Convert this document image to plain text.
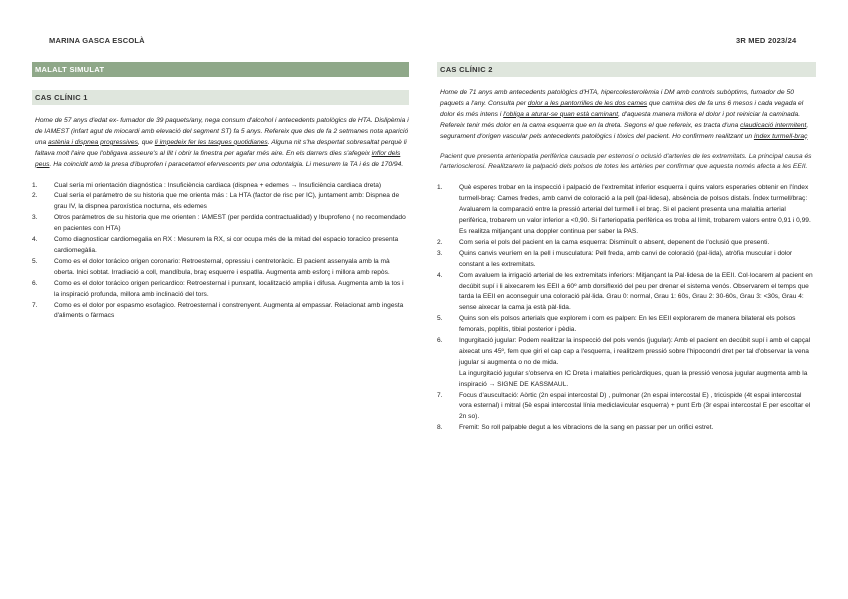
MARINA GASCA ESCOLÀ	3R MED 2023/24
MALALT SIMULAT
CAS CLÍNIC 1

Home de 57 anys d'edat ex- fumador de 39 paquets/any, nega consum d'alcohol i antecedents patològics de HTA. Dislipèmia i de IAMEST (infart agut de miocardi amb elevació del segment ST) fa 5 anys. Refereix que des de fa 2 setmanes nota aparició una astènia i dispnea progressives, que li impedeix fer les tasques quotidianes. Alguna nit s'ha despertat sobresaltat perquè li faltava molt l'aire que l'obligava asseure's al llit i obrir la finestra per agafar més aire. En els darrers dies s'afegeix inflor dels peus. Ha coincidit amb la presa d'ibuprofen i paracetamol efervescents per una odontalgia. Li mesurem la TA i és de 170/94.

1.	Cual sería mi orientación diagnóstica : Insuficiència cardiaca (dispnea + edemes → Insuficiència cardiaca dreta)
2.	Cual sería el parámetro de su historia que me orienta más : La HTA (factor de risc per IC), juntament amb: Dispnea de grau IV, la dispnea paroxística nocturna, els edemes
3.	Otros parámetros de su historia que me orienten : IAMEST (per perdida contractualidad) y Ibuprofeno ( no recomendado en pacientes con HTA)
4.	Como diagnosticar cardiomegalia en RX : Mesurem la RX, si cor ocupa més de la mitad del espacio toracico presenta cardiomegàlia.
5.	Como es el dolor torácico origen coronario: Retroesternal, opressiu i centretoràcic. El pacient assenyala amb la mà oberta. Inici sobtat. Irradiació a coll, mandíbula, braç esquerre i espatlla. Augmenta amb esforç i millora amb repòs.
6.	Como es el dolor torácico origen pericardico: Retroesternal i punxant, localització amplia i difusa. Augmenta amb la tos i la inspiració profunda, millora amb inclinació del tors.
7.	Como es el dolor por espasmo esofagico. Retroesternal i constrenyent. Augmenta al empassar. Relacionat amb ingesta d'aliments o fàrmacs
CAS CLÍNIC 2

Home de 71 anys amb antecedents patològics d'HTA, hipercolesterolèmia i DM amb controls subòptims, fumador de 50 paquets a l'any. Consulta per dolor a les pantorrilles de les dos cames que camina des de fa uns 6 mesos i cada vegada el dolor és més intens i l'obliga a aturar-se quan està caminant, d'aquesta manera millora el dolor i pot reiniciar la caminada. Refereix tenir més dolor en la cama esquerra que en la dreta. Segons el que refereix, es tracta d'una claudicació intermitent, segurament d'origen vascular pels antecedents patològics i tòxics del pacient. Ho confirmem realitzant un índex turmell-braç

Pacient que presenta arteriopatia perifèrica causada per estenosi o oclusió d'arteries de les extremitats. La principal causa és l'arteriosclerosi. Realitzarem la palpació dels polsos de totes les artèries per confirmar que aquesta només afecta a les EEII.

1.	Què esperes trobar en la inspecció i palpació de l'extremitat inferior esquerra i quins valors esperaries obtenir en l'índex turmell-braç: Cames fredes, amb canvi de coloració a la pell (pal·lidesa), absència de polsos distals. Índex turmell/braç: Avaluarem la comparació entre la pressió arterial del turmell i el braç. Si el pacient presenta una malaltia arterial perifèrica, trobarem un valor inferior a <0,90. Si l'arteriopatia perifèrica es troba al límit, trobarem valors entre 0,91 i 0,99. Es realitza mitjançant una doppler continua per saber la PAS.
2.	Com seria el pols del pacient en la cama esquerra: Disminuït o absent, depenent de l'oclusió que presenti.
3.	Quins canvis veuríem en la pell i musculatura: Pell freda, amb canvi de coloració (pal·lida), atròfia muscular i dolor constant a les extremitats.
4.	Com avaluem la irrigació arterial de les extremitats inferiors: Mitjançant la Pal·lidesa de la EEII. Col·locarem al pacient en decúbit supí i li aixecarem les EEII a 60º amb dorsiflexió del peu per drenar el sistema venós. Observarem el temps que tarda la EEII en aconseguir una coloració pàl·lida. Grau 0: normal, Grau 1: 60s, Grau 2: 30-60s, Grau 3: <30s, Grau 4: sense aixecar la cama ja està pàl·lida.
5.	Quins son els polsos arterials que explorem i com es palpen: En les EEII explorarem de manera bilateral els polsos femorals, poplitis, tibial posterior i pèdia.
6.	Ingurgitació jugular: Podem realitzar la inspecció del pols venós (jugular): Amb el pacient en decúbit supí i amb el capçal aixecat uns 45º, fem que giri el cap cap a l'esquerra, i realitzem pressió sobre l'hipocondri dret per tal d'observar la vena jugular si augmenta o no de mida.
La ingurgitació jugular s'observa en IC Dreta i malalties pericàrdiques, quan la pressió venosa jugular augmenta amb la inspiració → SIGNE DE KASSMAUL.
7.	Focus d'auscultació: Aòrtic (2n espai intercostal D) , pulmonar (2n espai intercostal E) , tricúspide (4t espai intercostal vora esternal) i mitral (5è espai intercostal línia mediclavicular esquerra) + punt Erb (3r espai intercostal E per escoltar el 2n so).
8.	Fremit: So roll palpable degut a les vibracions de la sang en passar per un orifici estret.
